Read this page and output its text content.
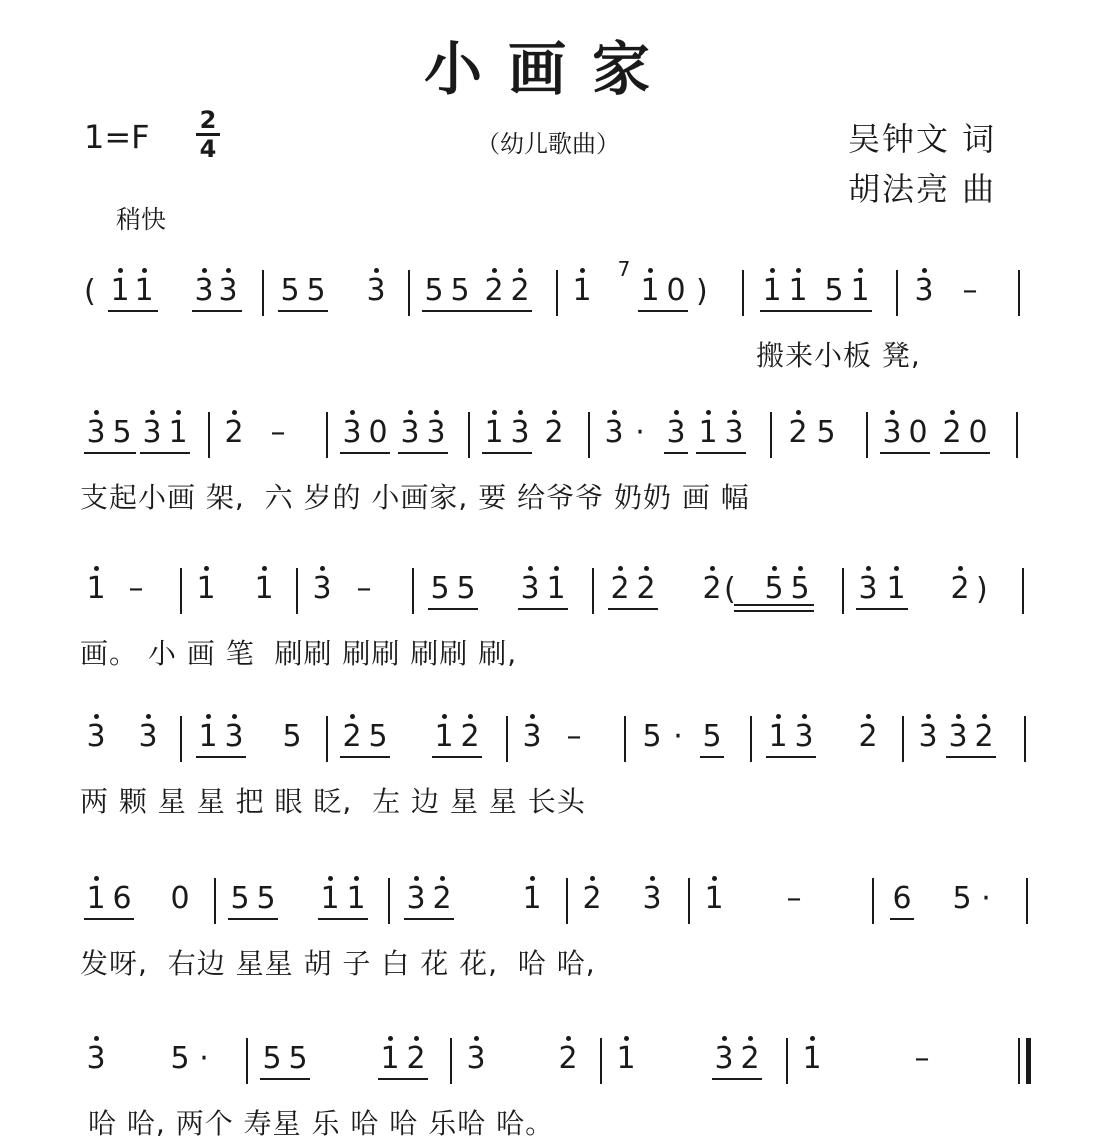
小画家
1=F 2
4	（幼儿歌曲）	吴钟文 词
胡法亮 曲
稍快
( 1 1 3 3 5 5 3 5 5 2 2 1
7
1 0 ) 1 1 5 1 3 –
搬来小板 凳,
3 5 3 1 2 – 3 0 3 3 1 3 2 3 · 3 1 3 2 5 3 0 2 0
支起小画 架,  六 岁的 小画家, 要 给爷爷 奶奶 画 幅
1 – 1 1 3 – 5 5 3 1 2 2 2 ( 5 5 3 1 2 )
画。 小 画 笔  刷刷 刷刷 刷刷 刷,
3 3 1 3 5 2 5 1 2 3 – 5 · 5 1 3 2 3 3 2
两 颗 星 星 把 眼 眨,  左 边 星 星 长头
1 6 0 5 5 1 1 3 2 1 2 3 1 –	6 5 ·
发呀,  右边 星星 胡 子 白 花 花,  哈 哈,
3 5 · 5 5 1 2 3 2 1	3 2 1	–
哈 哈, 两个 寿星 乐 哈 哈 乐哈 哈。
